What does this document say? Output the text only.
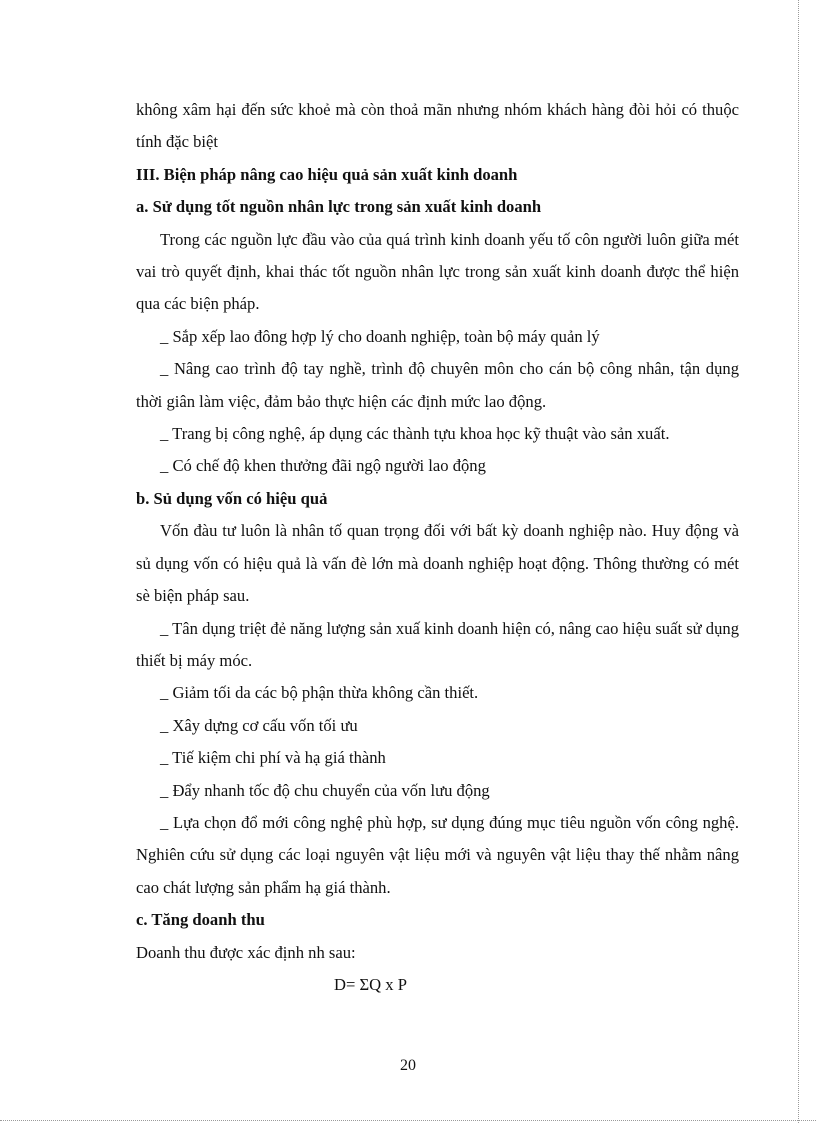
không xâm hại đến sức khoẻ mà còn thoả mãn nhưng nhóm khách hàng đòi hỏi có thuộc tính đặc biệt

III. Biện pháp nâng cao hiệu quả sản xuất kinh doanh

a. Sử dụng tốt nguồn nhân lực trong sản xuất kinh doanh

Trong các nguồn lực đầu vào của quá trình kinh doanh yếu tố côn người luôn giữa mét vai trò quyết định, khai thác tốt nguồn nhân lực trong sản xuất kinh doanh được thể hiện qua các biện pháp.

_ Sắp xếp lao đông hợp lý cho doanh nghiệp, toàn bộ máy quản lý

_ Nâng cao trình độ tay nghề, trình độ chuyên môn cho cán bộ công nhân, tận dụng thời giân làm việc, đảm bảo thực hiện các định mức lao động.

_ Trang bị công nghệ, áp dụng các thành tựu khoa học kỹ thuật vào sản xuất.

_ Có chế độ khen thưởng đãi ngộ người lao động

b. Sủ dụng vốn có hiệu quả

Vốn đàu tư luôn là nhân tố quan trọng đối với bất kỳ doanh nghiệp nào. Huy động và sủ dụng vốn có hiệu quả là vấn đè lớn mà doanh nghiệp hoạt động. Thông thường có mét sè biện pháp sau.

_ Tân dụng triệt đẻ năng lượng sản xuấ kinh doanh hiện có, nâng cao hiệu suất sử dụng thiết bị máy móc.

_ Giảm tối da các bộ phận thừa không cần thiết.

_ Xây dựng cơ cấu vốn tối ưu

_ Tiế kiệm chi phí và hạ giá thành

_ Đẩy nhanh tốc độ chu chuyển của vốn lưu động

_ Lựa chọn đổ mới công nghệ phù hợp, sư dụng đúng mục tiêu nguồn vốn công nghệ. Nghiên cứu sử dụng các loại nguyên vật liệu mới và nguyên vật liệu thay thế nhằm nâng cao chát lượng sản phẩm hạ giá thành.

c. Tăng doanh thu

Doanh thu được xác định nh sau:

D= ΣQ x P

20
